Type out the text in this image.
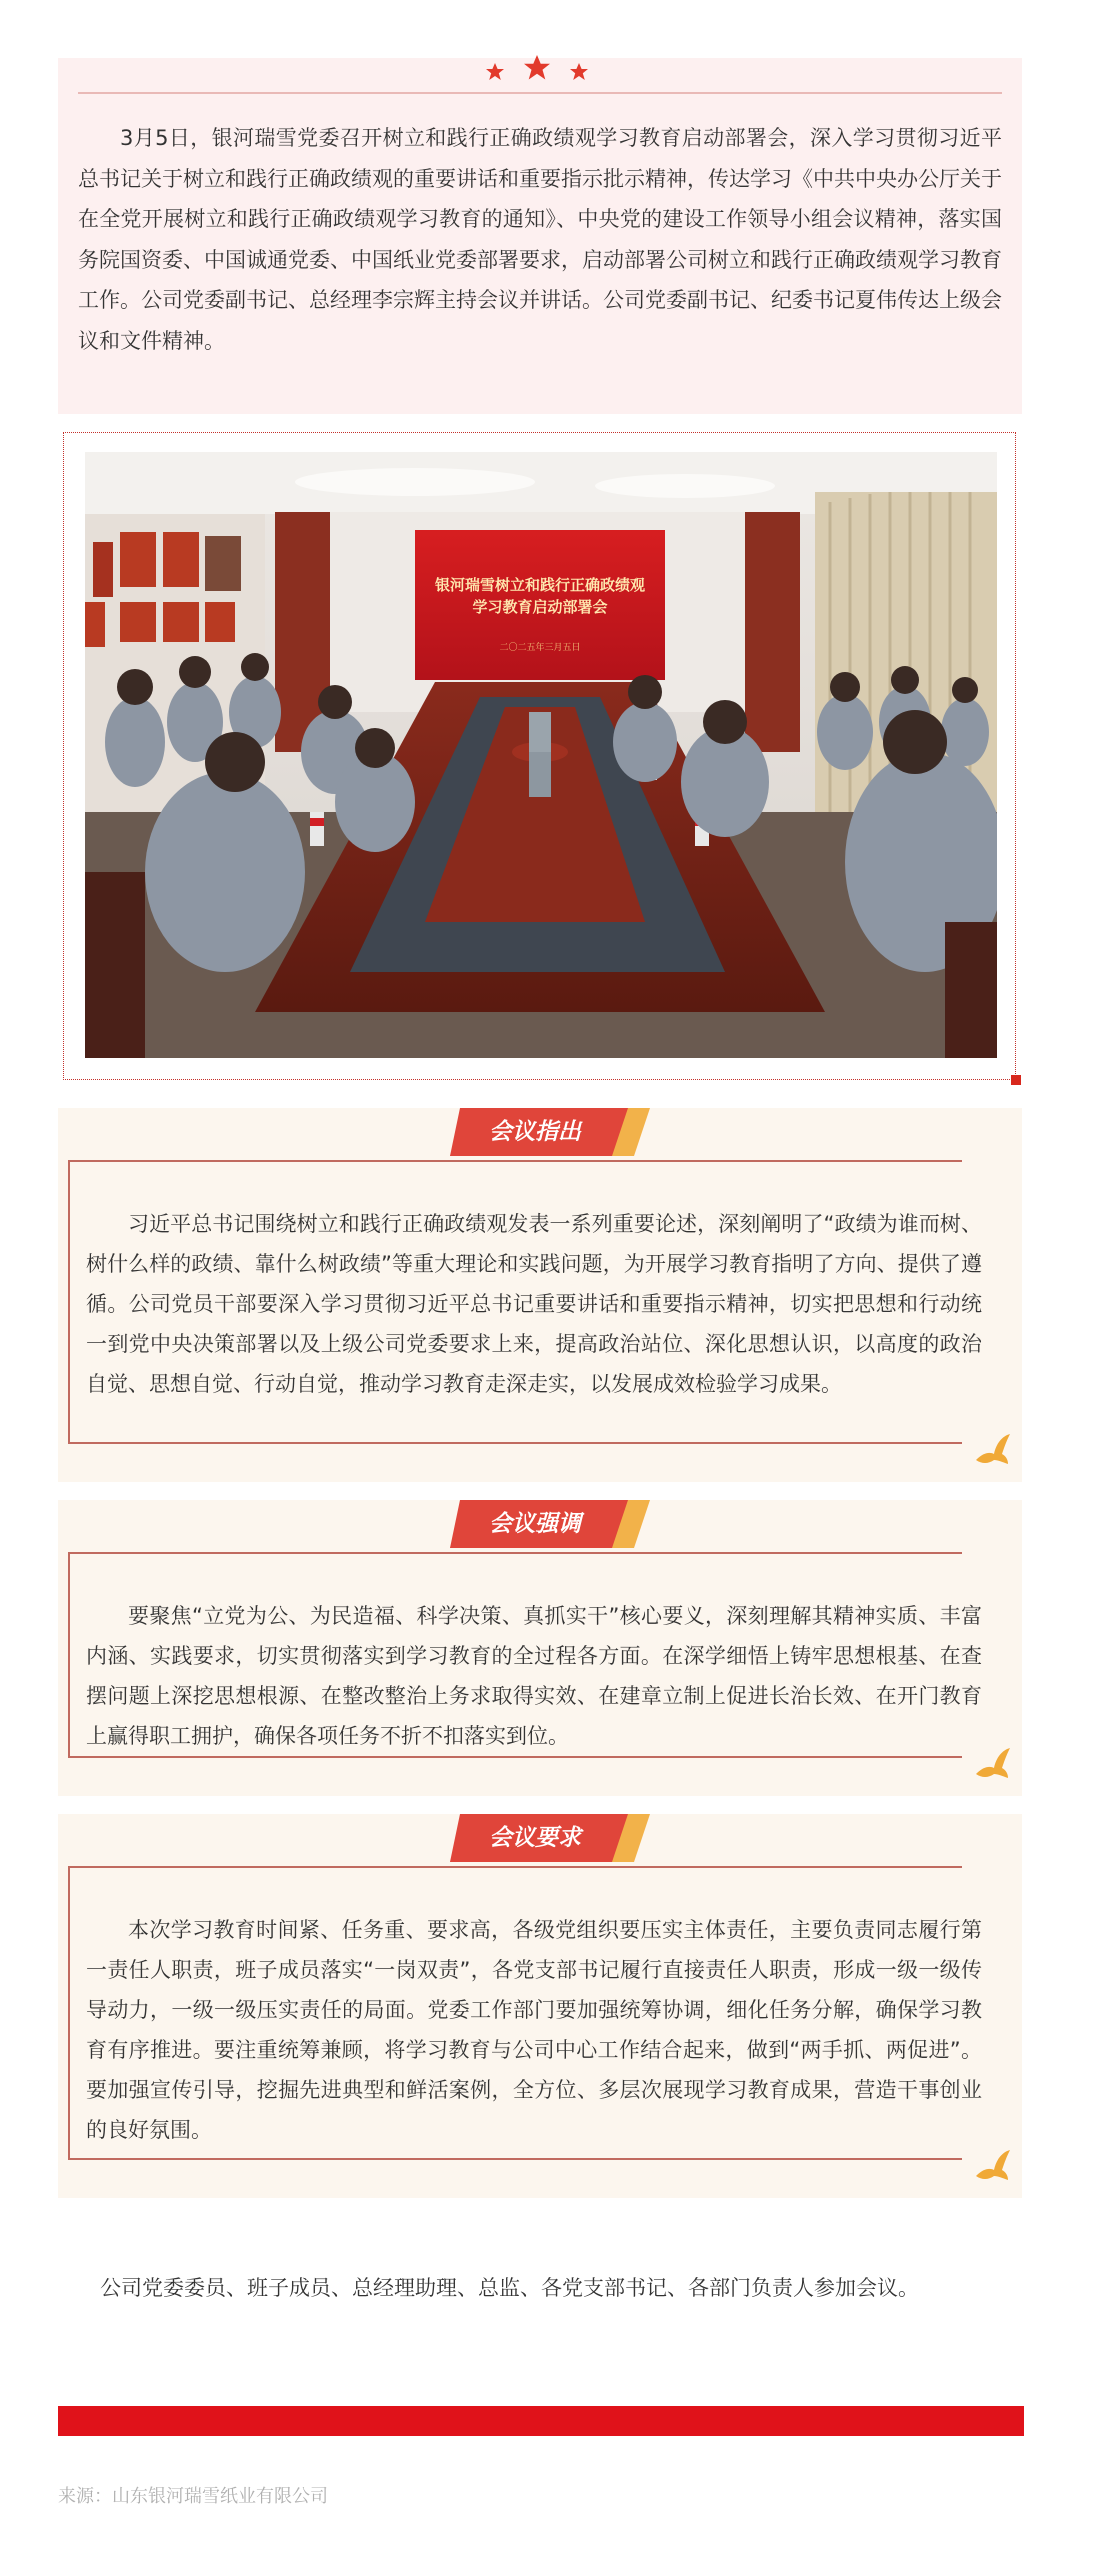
3月5日，银河瑞雪党委召开树立和践行正确政绩观学习教育启动部署会，深入学习贯彻习近平总书记关于树立和践行正确政绩观的重要讲话和重要指示批示精神，传达学习《中共中央办公厅关于在全党开展树立和践行正确政绩观学习教育的通知》、中央党的建设工作领导小组会议精神，落实国务院国资委、中国诚通党委、中国纸业党委部署要求，启动部署公司树立和践行正确政绩观学习教育工作。公司党委副书记、总经理李宗辉主持会议并讲话。公司党委副书记、纪委书记夏伟传达上级会议和文件精神。

银河瑞雪树立和践行正确政绩观
学习教育启动部署会
二〇二五年三月五日
会议指出

习近平总书记围绕树立和践行正确政绩观发表一系列重要论述，深刻阐明了“政绩为谁而树、树什么样的政绩、靠什么树政绩”等重大理论和实践问题，为开展学习教育指明了方向、提供了遵循。公司党员干部要深入学习贯彻习近平总书记重要讲话和重要指示精神，切实把思想和行动统一到党中央决策部署以及上级公司党委要求上来，提高政治站位、深化思想认识，以高度的政治自觉、思想自觉、行动自觉，推动学习教育走深走实，以发展成效检验学习成果。

会议强调

要聚焦“立党为公、为民造福、科学决策、真抓实干”核心要义，深刻理解其精神实质、丰富内涵、实践要求，切实贯彻落实到学习教育的全过程各方面。在深学细悟上铸牢思想根基、在查摆问题上深挖思想根源、在整改整治上务求取得实效、在建章立制上促进长治长效、在开门教育上赢得职工拥护，确保各项任务不折不扣落实到位。

会议要求

本次学习教育时间紧、任务重、要求高，各级党组织要压实主体责任，主要负责同志履行第一责任人职责，班子成员落实“一岗双责”，各党支部书记履行直接责任人职责，形成一级一级传导动力，一级一级压实责任的局面。党委工作部门要加强统筹协调，细化任务分解，确保学习教育有序推进。要注重统筹兼顾，将学习教育与公司中心工作结合起来，做到“两手抓、两促进”。要加强宣传引导，挖掘先进典型和鲜活案例，全方位、多层次展现学习教育成果，营造干事创业的良好氛围。

公司党委委员、班子成员、总经理助理、总监、各党支部书记、各部门负责人参加会议。

来源：山东银河瑞雪纸业有限公司
